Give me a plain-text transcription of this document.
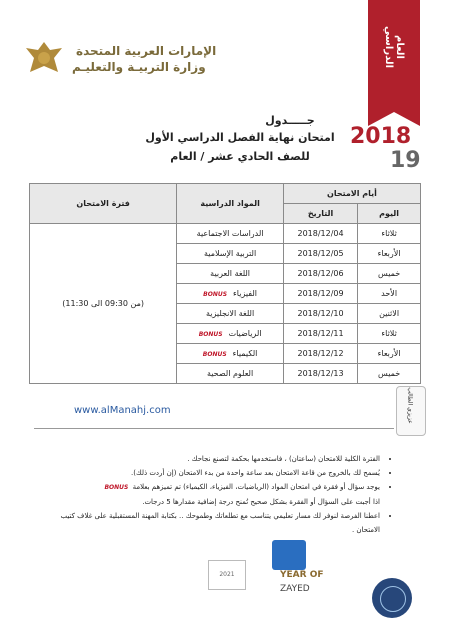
الإمارات العربية المتحدة
وزارة التربيـة والتعليـم
العام الدراسي
2018
19
جـــــدول
امتحان نهاية الفصل الدراسي الأول
للصف الحادي عشر / العام
أيام الامتحان		المواد الدراسية	فترة الامتحان
اليوم	التاريخ		
ثلاثاء	2018/12/04	الدراسات الاجتماعية	(من 09:30 الى 11:30)
الأربعاء	2018/12/05	التربية الإسلامية	
خميس	2018/12/06	اللغة العربية	
الأحد	2018/12/09	الفيزياءBONUS	
الاثنين	2018/12/10	اللغة الانجليزية	
ثلاثاء	2018/12/11	الرياضياتBONUS	
الأربعاء	2018/12/12	الكيمياءBONUS	
خميس	2018/12/13	العلوم الصحية	
www.alManahj.com	عزيزي الطالب
• الفترة الكلية للامتحان (ساعتان) ، فاستخدمها بحكمة لتصنع نجاحك .
• يُسمح لك بالخروج من قاعة الامتحان بعد ساعة واحدة من بدء الامتحان (إن أردت ذلك).
• يوجد سؤال أو فقرة في امتحان المواد (الرياضيات، الفيزياء، الكيمياء) تم تميزهم بعلامة BONUS
اذا أجبت على السؤال أو الفقرة بشكل صحيح تُمنح درجة إضافية مقدارها 5 درجات.
• اعطنا الفرصة لنوفر لك مسار تعليمي يتناسب مع تطلعاتك وطموحك .. بكتابة المهنة المستقبلية على غلاف كتيب الامتحان .
2021	YEAR OF
ZAYED
